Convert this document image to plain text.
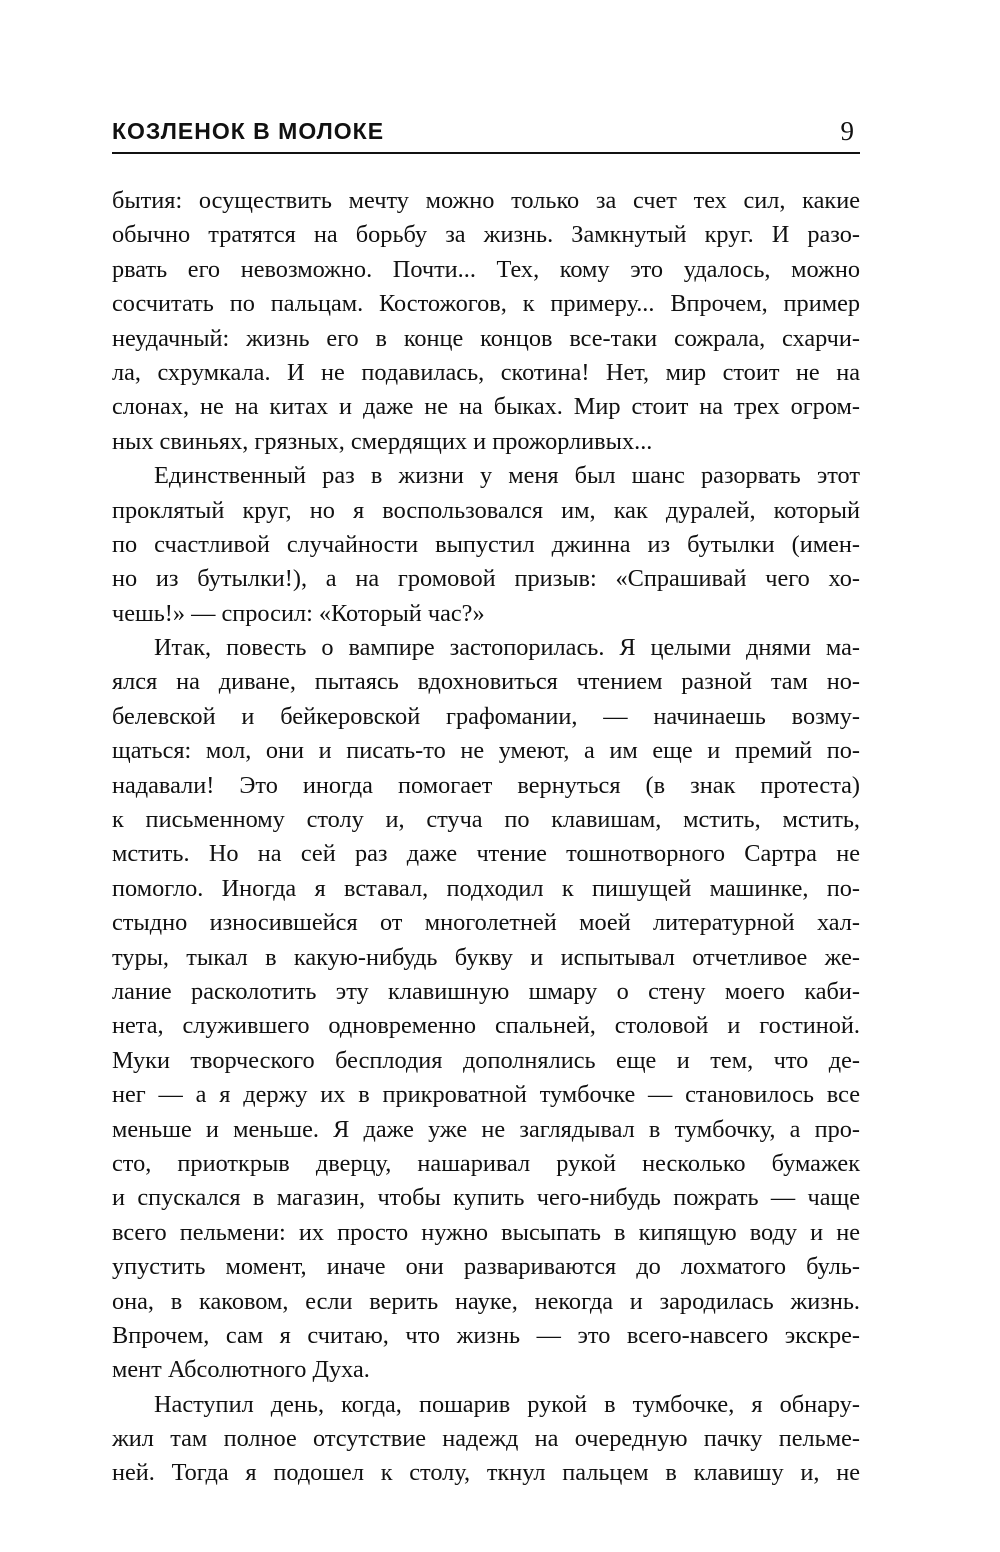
КОЗЛЕНОК В МОЛОКЕ	9
бытия: осуществить мечту можно только за счет тех сил, какие
обычно тратятся на борьбу за жизнь. Замкнутый круг. И разо-
рвать его невозможно. Почти... Тех, кому это удалось, можно
сосчитать по пальцам. Костожогов, к примеру... Впрочем, пример
неудачный: жизнь его в конце концов все-таки сожрала, схарчи-
ла, схрумкала. И не подавилась, скотина! Нет, мир стоит не на
слонах, не на китах и даже не на быках. Мир стоит на трех огром-
ных свиньях, грязных, смердящих и прожорливых...
Единственный раз в жизни у меня был шанс разорвать этот
проклятый круг, но я воспользовался им, как дуралей, который
по счастливой случайности выпустил джинна из бутылки (имен-
но из бутылки!), а на громовой призыв: «Спрашивай чего хо-
чешь!» — спросил: «Который час?»
Итак, повесть о вампире застопорилась. Я целыми днями ма-
ялся на диване, пытаясь вдохновиться чтением разной там но-
белевской и бейкеровской графомании, — начинаешь возму-
щаться: мол, они и писать-то не умеют, а им еще и премий по-
надавали! Это иногда помогает вернуться (в знак протеста)
к письменному столу и, стуча по клавишам, мстить, мстить,
мстить. Но на сей раз даже чтение тошнотворного Сартра не
помогло. Иногда я вставал, подходил к пишущей машинке, по-
стыдно износившейся от многолетней моей литературной хал-
туры, тыкал в какую-нибудь букву и испытывал отчетливое же-
лание расколотить эту клавишную шмару о стену моего каби-
нета, служившего одновременно спальней, столовой и гостиной.
Муки творческого бесплодия дополнялись еще и тем, что де-
нег — а я держу их в прикроватной тумбочке — становилось все
меньше и меньше. Я даже уже не заглядывал в тумбочку, а про-
сто, приоткрыв дверцу, нашаривал рукой несколько бумажек
и спускался в магазин, чтобы купить чего-нибудь пожрать — чаще
всего пельмени: их просто нужно высыпать в кипящую воду и не
упустить момент, иначе они развариваются до лохматого буль-
она, в каковом, если верить науке, некогда и зародилась жизнь.
Впрочем, сам я считаю, что жизнь — это всего-навсего экскре-
мент Абсолютного Духа.
Наступил день, когда, пошарив рукой в тумбочке, я обнару-
жил там полное отсутствие надежд на очередную пачку пельме-
ней. Тогда я подошел к столу, ткнул пальцем в клавишу и, не
